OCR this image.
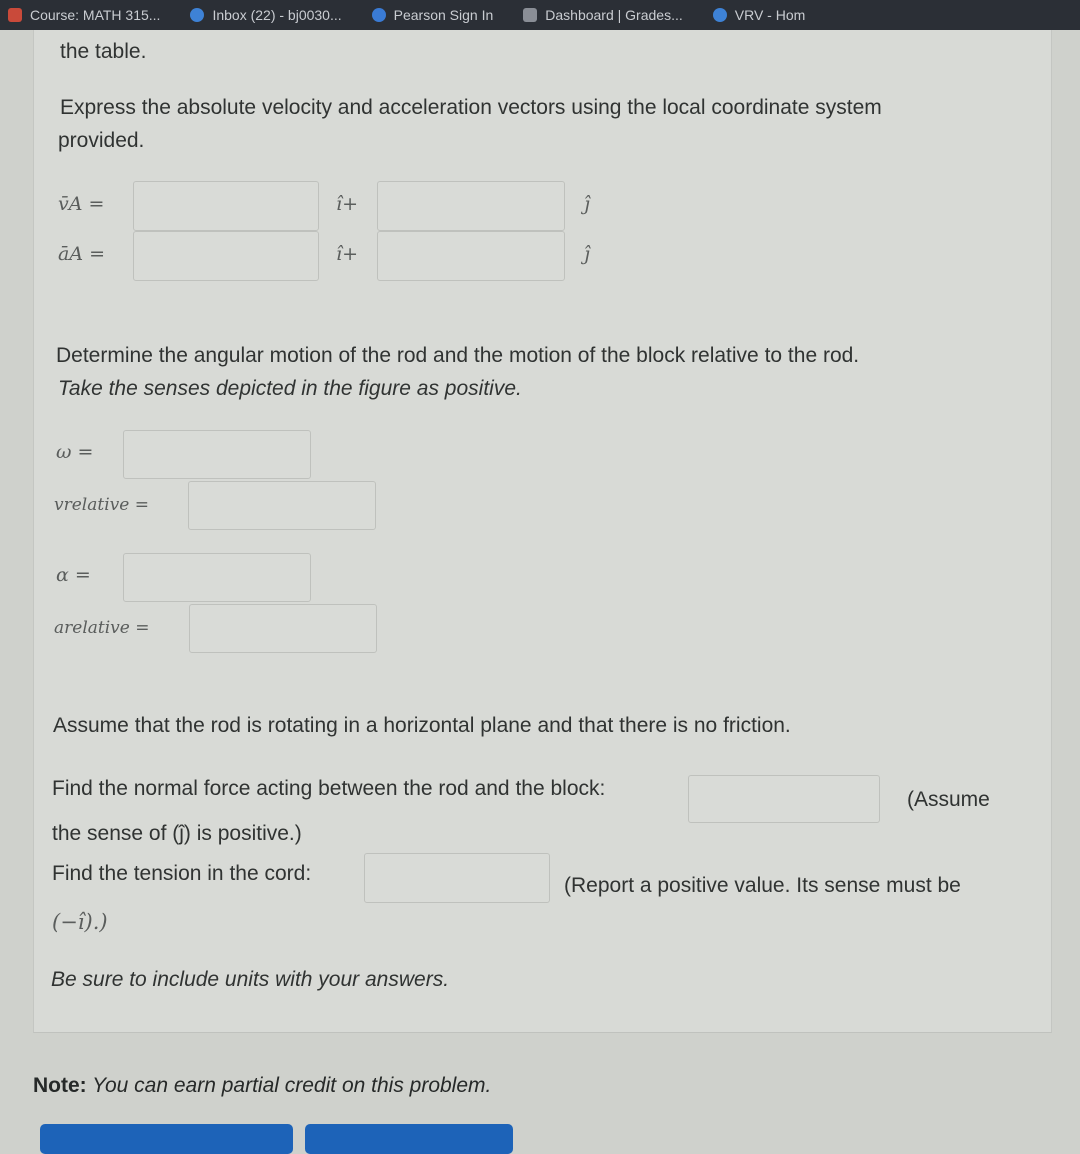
Course: MATH 315...	Inbox (22) - bj0030...	Pearson Sign In	Dashboard | Grades...	VRV - Hom
the table.
Express the absolute velocity and acceleration vectors using the local coordinate system
provided.
v̄A =	î+	ĵ
āA =	î+	ĵ
Determine the angular motion of the rod and the motion of the block relative to the rod.
Take the senses depicted in the figure as positive.
ω =
vrelative =
α =
arelative =
Assume that the rod is rotating in a horizontal plane and that there is no friction.
Find the normal force acting between the rod and the block:	(Assume
the sense of (ĵ) is positive.)
Find the tension in the cord:
(Report a positive value. Its sense must be
(−î).)
Be sure to include units with your answers.
Note: You can earn partial credit on this problem.
